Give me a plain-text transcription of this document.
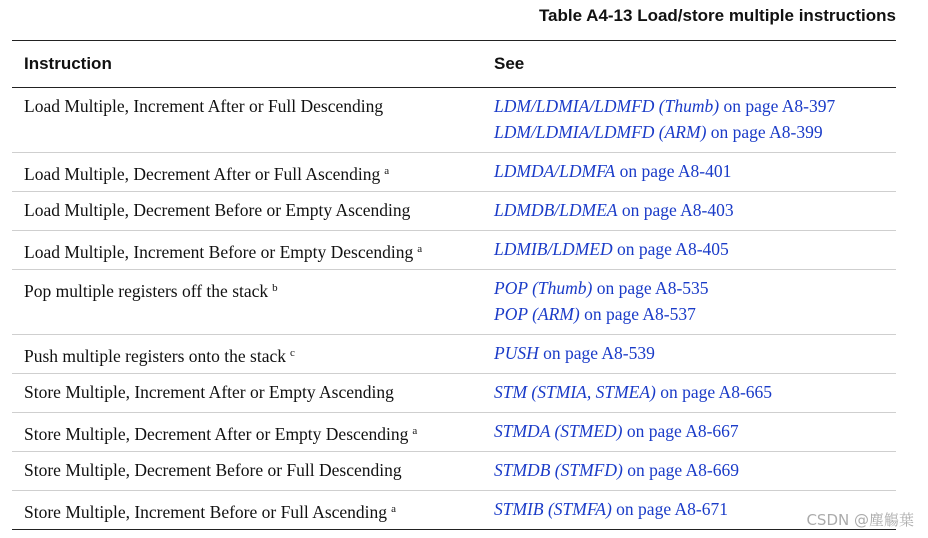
Table A4-13 Load/store multiple instructions
Instruction	See
Load Multiple, Increment After or Full Descending	LDM/LDMIA/LDMFD (Thumb) on page A8-397
LDM/LDMIA/LDMFD (ARM) on page A8-399
Load Multiple, Decrement After or Full Ascending $^a$	LDMDA/LDMFA on page A8-401
Load Multiple, Decrement Before or Empty Ascending	LDMDB/LDMEA on page A8-403
Load Multiple, Increment Before or Empty Descending $^a$	LDMIB/LDMED on page A8-405
Pop multiple registers off the stack $^b$	POP (Thumb) on page A8-535
POP (ARM) on page A8-537
Push multiple registers onto the stack $^c$	PUSH on page A8-539
Store Multiple, Increment After or Empty Ascending	STM (STMIA, STMEA) on page A8-665
Store Multiple, Decrement After or Empty Descending $^a$	STMDA (STMED) on page A8-667
Store Multiple, Decrement Before or Full Descending	STMDB (STMFD) on page A8-669
Store Multiple, Increment Before or Full Ascending $^a$	STMIB (STMFA) on page A8-671
CSDN @塵觴葉
